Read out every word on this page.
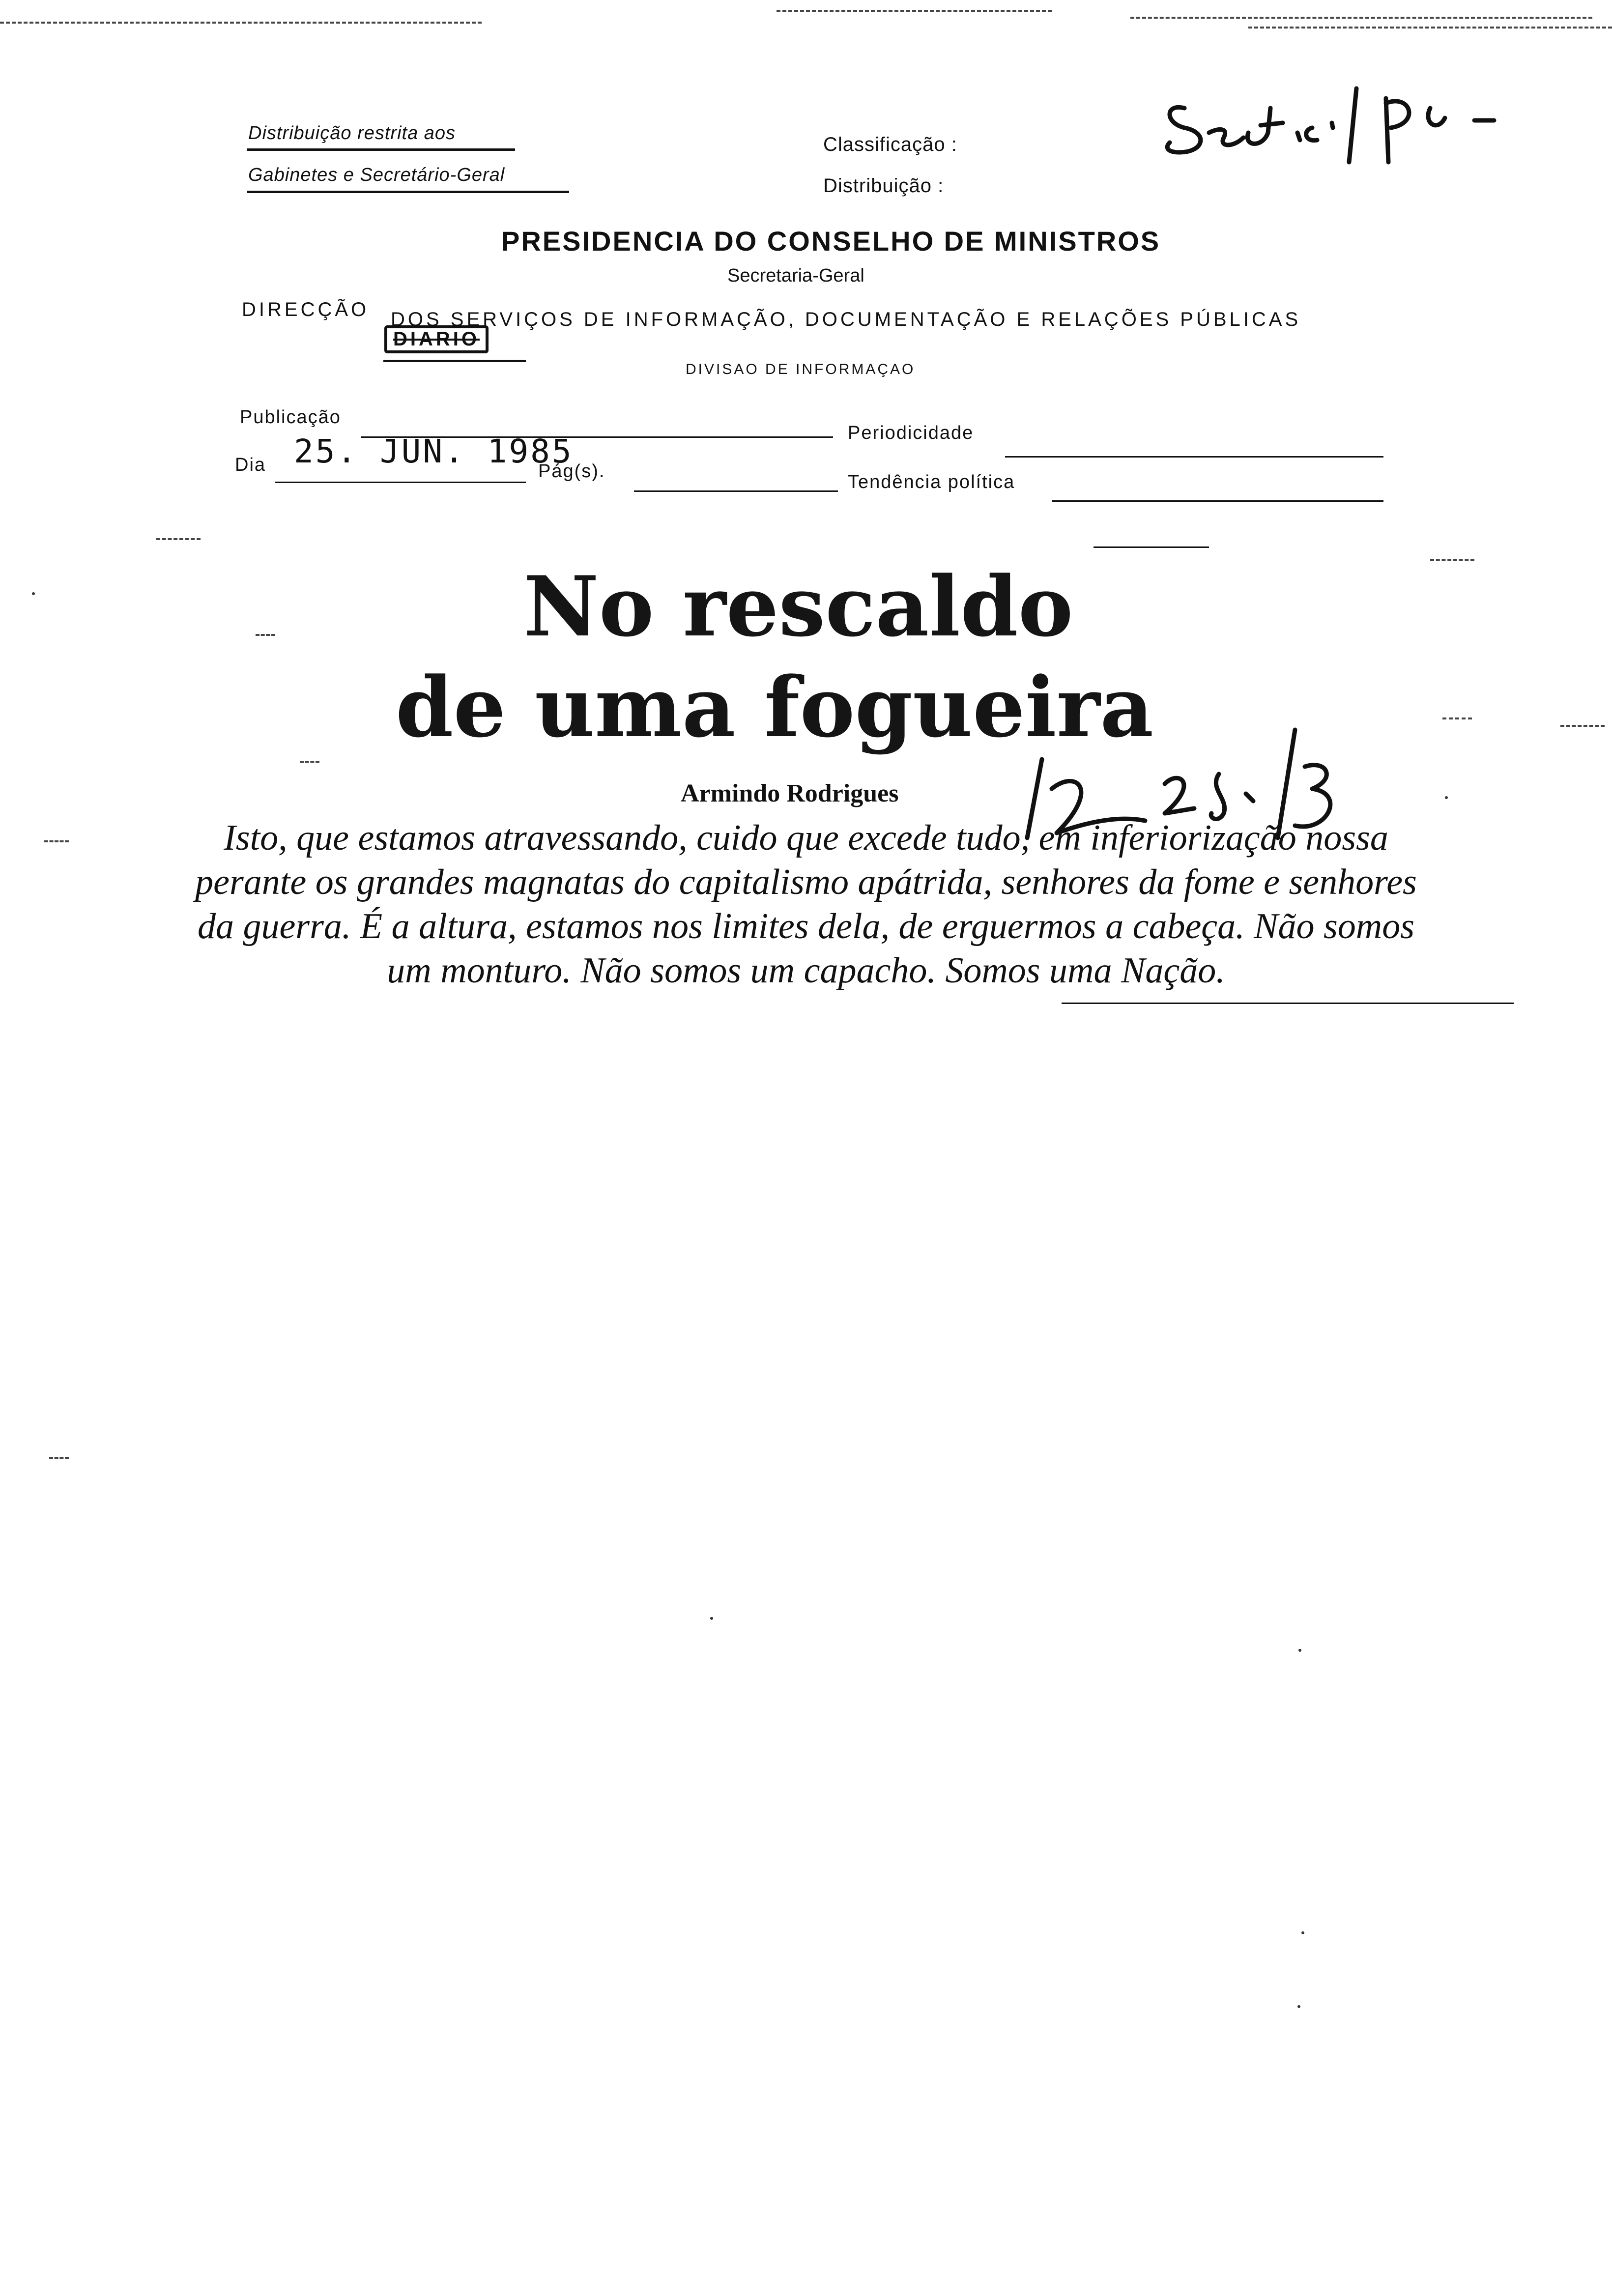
Distribuição restrita aos
Gabinetes e Secretário-Geral
Classificação :
Distribuição :
PRESIDENCIA DO CONSELHO DE MINISTROS
Secretaria-Geral
DIRECÇÃO DOS SERVIÇOS DE INFORMAÇÃO, DOCUMENTAÇÃO E RELAÇÕES PÚBLICAS
DIARIO
DIVISAO DE INFORMAÇAO
Publicação
Periodicidade
Dia 25. JUN. 1985
Pág(s).
Tendência política
No rescaldo
de uma fogueira
Armindo Rodrigues
Isto, que estamos atravessando, cuido que excede tudo, em inferiorização nossa
perante os grandes magnatas do capitalismo apátrida, senhores da fome e senhores
da guerra. É a altura, estamos nos limites dela, de erguermos a cabeça. Não somos
um monturo. Não somos um capacho. Somos uma Nação.
